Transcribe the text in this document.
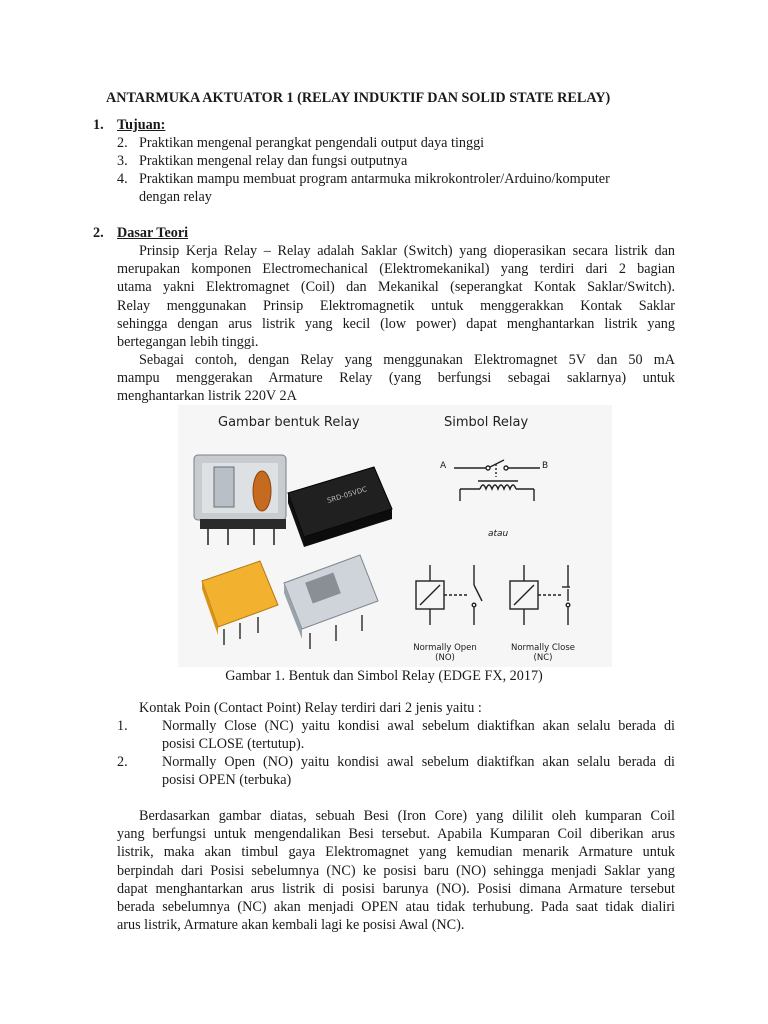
ANTARMUKA AKTUATOR 1 (RELAY INDUKTIF DAN SOLID STATE RELAY)
1. Tujuan:
2. Praktikan mengenal perangkat pengendali output daya tinggi
3. Praktikan mengenal relay dan fungsi outputnya
4. Praktikan mampu membuat program antarmuka mikrokontroler/Arduino/komputer
dengan relay
2. Dasar Teori
Prinsip Kerja Relay – Relay adalah Saklar (Switch) yang dioperasikan secara listrik dan
merupakan komponen Electromechanical (Elektromekanikal) yang terdiri dari 2 bagian
utama yakni Elektromagnet (Coil) dan Mekanikal (seperangkat Kontak Saklar/Switch).
Relay menggunakan Prinsip Elektromagnetik untuk menggerakkan Kontak Saklar
sehingga dengan arus listrik yang kecil (low power) dapat menghantarkan listrik yang
bertegangan lebih tinggi.
Sebagai contoh, dengan Relay yang menggunakan Elektromagnet 5V dan 50 mA
mampu menggerakan Armature Relay (yang berfungsi sebagai saklarnya) untuk
menghantarkan listrik 220V 2A
Gambar bentuk Relay	Simbol Relay
SRD-05VDC
A	B
atau
Normally Open
(NO)
Normally Close
(NC)
Gambar 1. Bentuk dan Simbol Relay (EDGE FX, 2017)
Kontak Poin (Contact Point) Relay terdiri dari 2 jenis yaitu :
1. Normally Close (NC) yaitu kondisi awal sebelum diaktifkan akan selalu berada di
posisi CLOSE (tertutup).
2. Normally Open (NO) yaitu kondisi awal sebelum diaktifkan akan selalu berada di
posisi OPEN (terbuka)
Berdasarkan gambar diatas, sebuah Besi (Iron Core) yang dililit oleh kumparan Coil
yang berfungsi untuk mengendalikan Besi tersebut. Apabila Kumparan Coil diberikan arus
listrik, maka akan timbul gaya Elektromagnet yang kemudian menarik Armature untuk
berpindah dari Posisi sebelumnya (NC) ke posisi baru (NO) sehingga menjadi Saklar yang
dapat menghantarkan arus listrik di posisi barunya (NO). Posisi dimana Armature tersebut
berada sebelumnya (NC) akan menjadi OPEN atau tidak terhubung. Pada saat tidak dialiri
arus listrik, Armature akan kembali lagi ke posisi Awal (NC).
